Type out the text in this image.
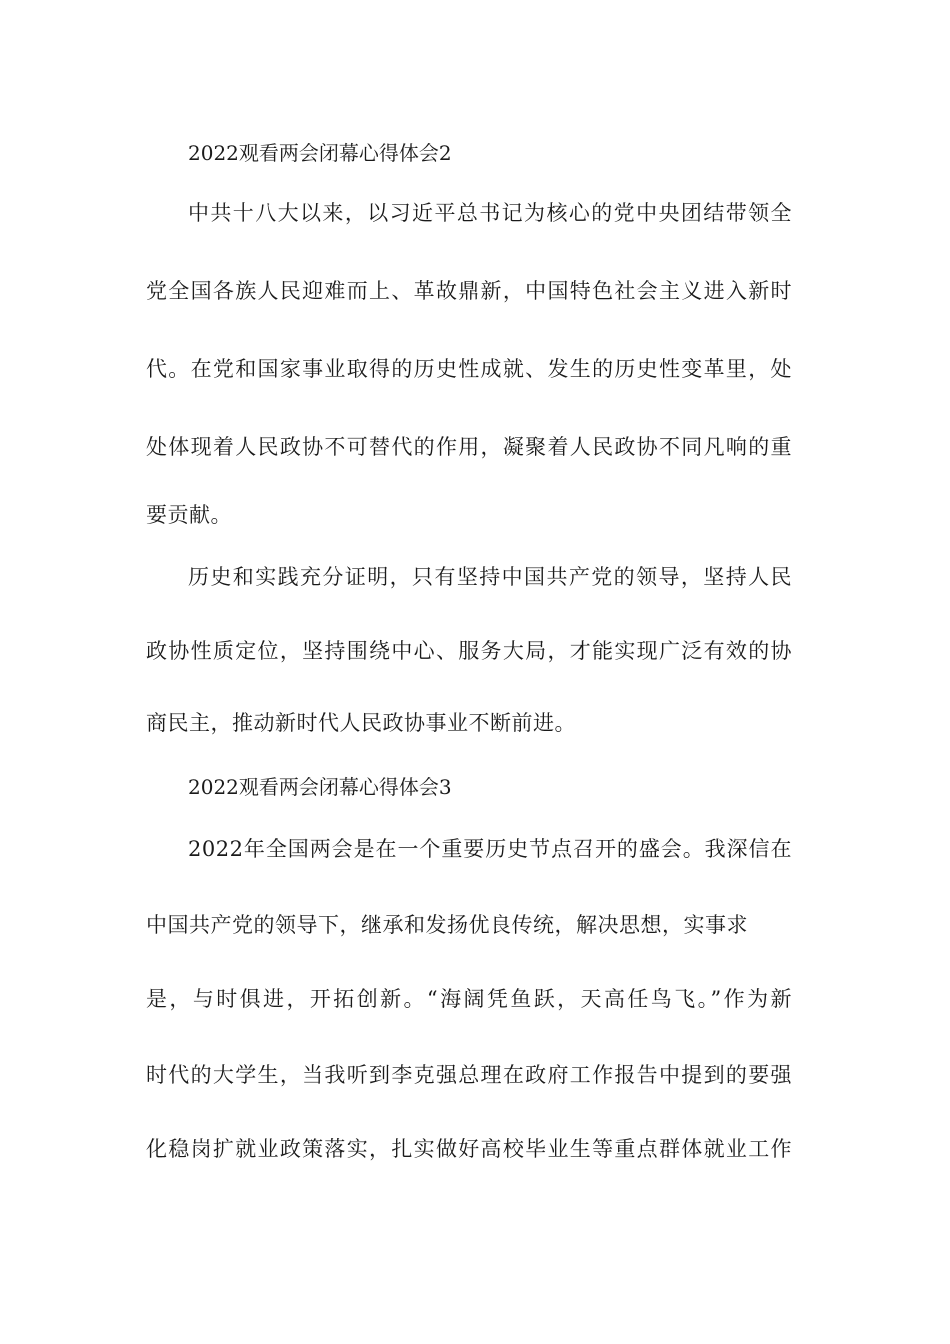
2022观看两会闭幕心得体会2
中共十八大以来，以习近平总书记为核心的党中央团结带领全
党全国各族人民迎难而上、革故鼎新，中国特色社会主义进入新时
代。在党和国家事业取得的历史性成就、发生的历史性变革里，处
处体现着人民政协不可替代的作用，凝聚着人民政协不同凡响的重
要贡献。
历史和实践充分证明，只有坚持中国共产党的领导，坚持人民
政协性质定位，坚持围绕中心、服务大局，才能实现广泛有效的协
商民主，推动新时代人民政协事业不断前进。
2022观看两会闭幕心得体会3
2022年全国两会是在一个重要历史节点召开的盛会。我深信在
中国共产党的领导下，继承和发扬优良传统，解决思想，实事求
是，与时俱进，开拓创新。“海阔凭鱼跃，天高任鸟飞。”作为新
时代的大学生，当我听到李克强总理在政府工作报告中提到的要强
化稳岗扩就业政策落实，扎实做好高校毕业生等重点群体就业工作
